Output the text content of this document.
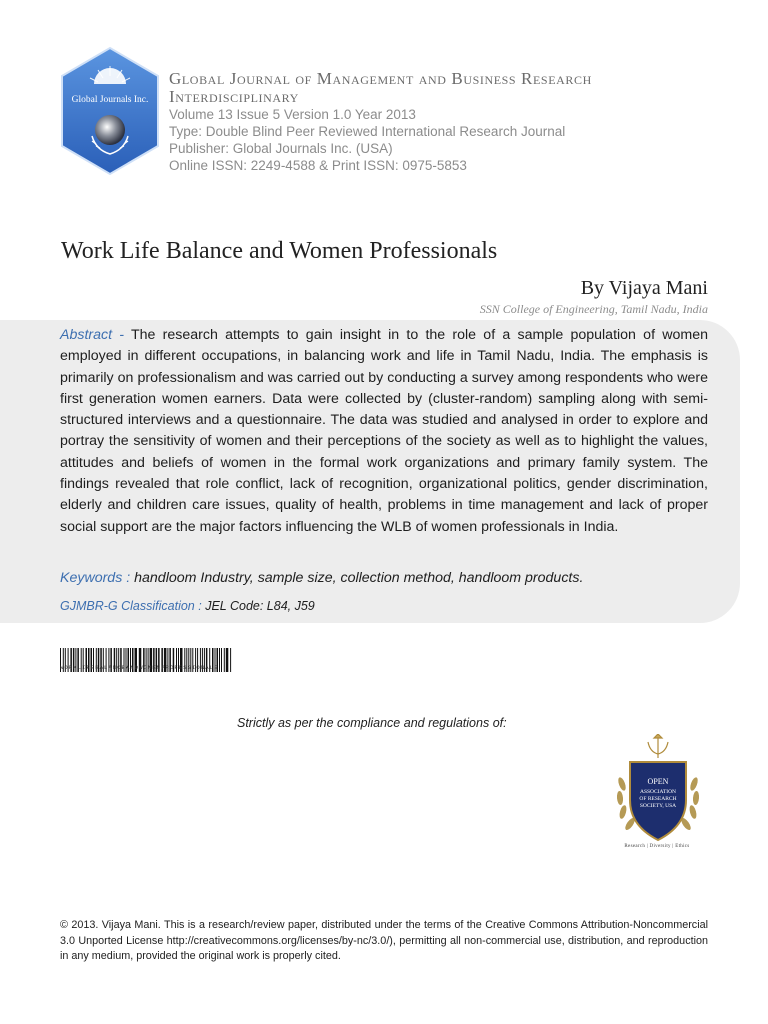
Global Journals Inc.
Global Journal of Management and Business Research
Interdisciplinary
Volume 13 Issue 5 Version 1.0 Year 2013
Type: Double Blind Peer Reviewed International Research Journal
Publisher: Global Journals Inc. (USA)
Online ISSN: 2249-4588 & Print ISSN: 0975-5853
Work Life Balance and Women Professionals
By Vijaya Mani
SSN College of Engineering, Tamil Nadu, India

Abstract - The research attempts to gain insight in to the role of a sample population of women employed in different occupations, in balancing work and life in Tamil Nadu, India. The emphasis is primarily on professionalism and was carried out by conducting a survey among respondents who were first generation women earners. Data were collected by (cluster-random) sampling along with semi-structured interviews and a questionnaire. The data was studied and analysed in order to explore and portray the sensitivity of women and their perceptions of the society as well as to highlight the values, attitudes and beliefs of women in the formal work organizations and primary family system. The findings revealed that role conflict, lack of recognition, organizational politics, gender discrimination, elderly and children care issues, quality of health, problems in time management and lack of proper social support are the major factors influencing the WLB of women professionals in India.

Keywords : handloom Industry, sample size, collection method, handloom products.
GJMBR-G Classification : JEL Code: L84, J59
WORKLIFEBALANCEANDWOMENPROFESSIONALS
Strictly as per the compliance and regulations of:
OPEN
ASSOCIATION
OF RESEARCH
SOCIETY, USA
Research | Diversity | Ethics

© 2013. Vijaya Mani. This is a research/review paper, distributed under the terms of the Creative Commons Attribution-Noncommercial 3.0 Unported License http://creativecommons.org/licenses/by-nc/3.0/), permitting all non-commercial use, distribution, and reproduction in any medium, provided the original work is properly cited.
